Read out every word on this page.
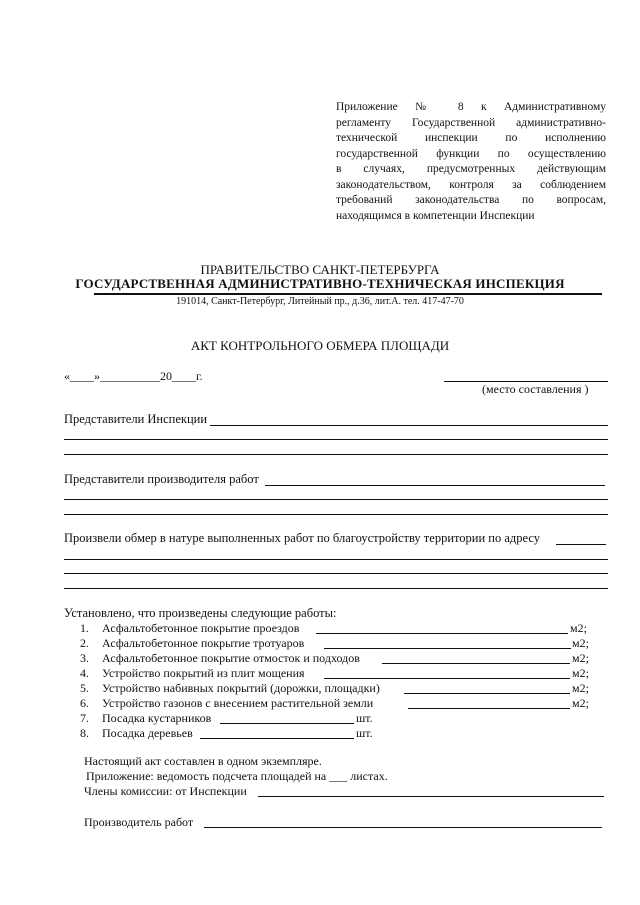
Приложение № 8 к Административному
регламенту Государственной административно-
технической инспекции по исполнению
государственной функции по осуществлению
в случаях, предусмотренных действующим
законодательством, контроля за соблюдением
требований законодательства по вопросам,
находящимся в компетенции Инспекции
ПРАВИТЕЛЬСТВО САНКТ-ПЕТЕРБУРГА
ГОСУДАРСТВЕННАЯ АДМИНИСТРАТИВНО-ТЕХНИЧЕСКАЯ ИНСПЕКЦИЯ
191014, Санкт-Петербург, Литейный пр., д.36, лит.А. тел. 417-47-70
АКТ КОНТРОЛЬНОГО ОБМЕРА ПЛОЩАДИ
«____»__________20____г.
(место составления )
Представители Инспекции
Представители производителя работ
Произвели обмер в натуре выполненных работ по благоустройству территории по адресу
Установлено, что произведены следующие работы:
1. Асфальтобетонное покрытие проездов	м2;
2. Асфальтобетонное покрытие тротуаров	м2;
3. Асфальтобетонное покрытие отмосток и подходов	м2;
4. Устройство покрытий из плит мощения	м2;
5. Устройство набивных покрытий (дорожки, площадки)	м2;
6. Устройство газонов с внесением растительной земли	м2;
7. Посадка кустарников	шт.
8. Посадка деревьев	шт.
Настоящий акт составлен в одном экземпляре.
Приложение: ведомость подсчета площадей на ___ листах.
Члены комиссии: от Инспекции
Производитель работ
